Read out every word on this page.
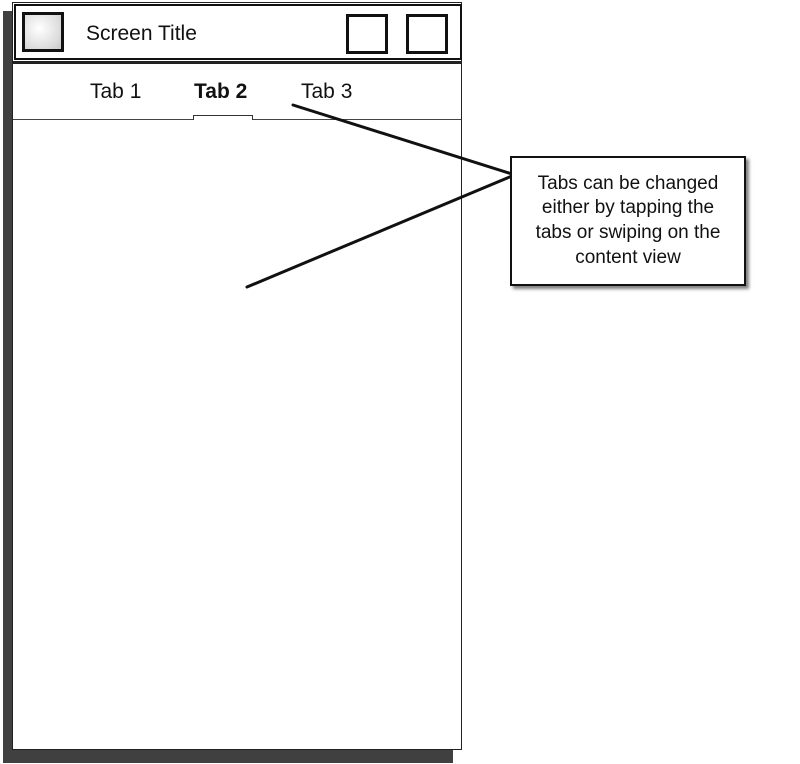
Screen Title
Tab 1	Tab 2	Tab 3
Tabs can be changed either by tapping the tabs or swiping on the content view
